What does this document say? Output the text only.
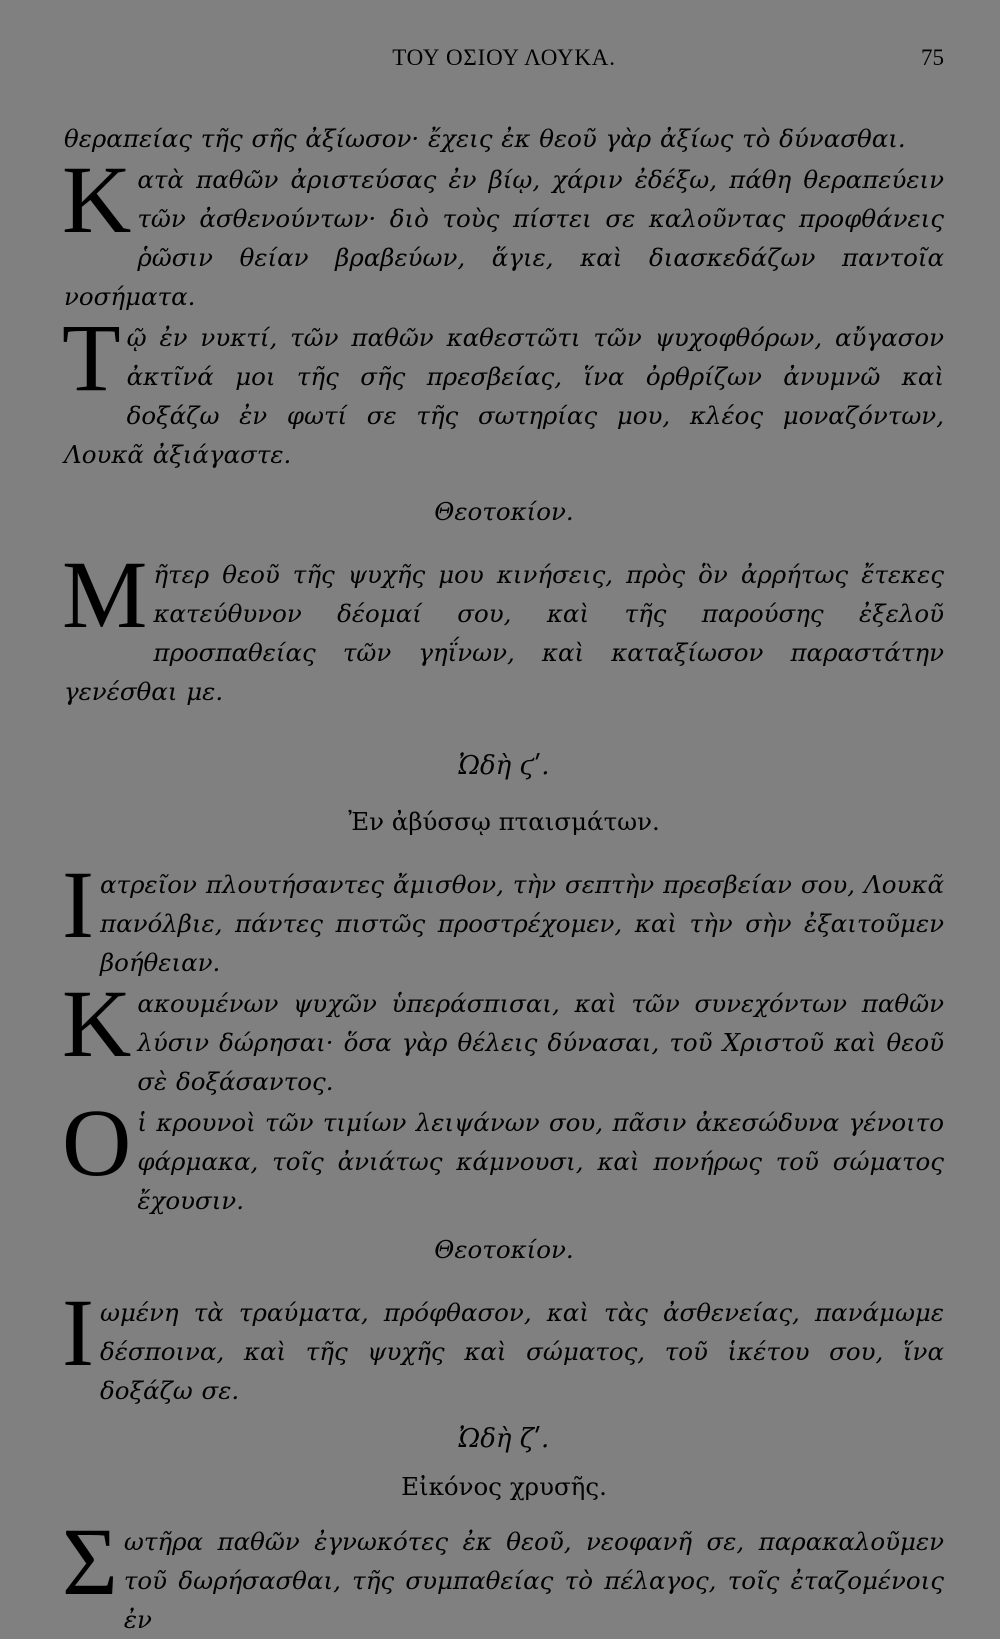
ΤΟΥ ΟΣΙΟΥ ΛΟΥΚΑ.	75

θεραπείας τῆς σῆς ἀξίωσον· ἔχεις ἐκ θεοῦ γὰρ ἀξίως τὸ δύνασθαι.

Κατὰ παθῶν ἀριστεύσας ἐν βίῳ, χάριν ἐδέξω, πάθη θεραπεύειν τῶν ἀσθενούντων· διὸ τοὺς πίστει σε καλοῦντας προφθάνεις ῥῶσιν θείαν βραβεύων, ἅγιε, καὶ διασκεδάζων παντοῖα νοσήματα.

Τῷ ἐν νυκτί, τῶν παθῶν καθεστῶτι τῶν ψυχοφθόρων, αὔγασον ἀκτῖνά μοι τῆς σῆς πρεσβείας, ἵνα ὀρθρίζων ἀνυμνῶ καὶ δοξάζω ἐν φωτί σε τῆς σωτηρίας μου, κλέος μοναζόντων, Λουκᾶ ἀξιάγαστε.

Θεοτοκίον.

Μῆτερ θεοῦ τῆς ψυχῆς μου κινήσεις, πρὸς ὃν ἀρρήτως ἔτεκες κατεύθυνον δέομαί σου, καὶ τῆς παρούσης ἐξελοῦ προσπαθείας τῶν γηΐνων, καὶ καταξίωσον παραστάτην γενέσθαι με.

Ὠδὴ ϛʹ.

Ἐν ἀβύσσῳ πταισμάτων.

Ιατρεῖον πλουτήσαντες ἄμισθον, τὴν σεπτὴν πρεσβείαν σου, Λουκᾶ πανόλβιε, πάντες πιστῶς προστρέχομεν, καὶ τὴν σὴν ἐξαιτοῦμεν βοήθειαν.

Κακουμένων ψυχῶν ὑπεράσπισαι, καὶ τῶν συνεχόντων παθῶν λύσιν δώρησαι· ὅσα γὰρ θέλεις δύνασαι, τοῦ Χριστοῦ καὶ θεοῦ σὲ δοξάσαντος.

Οἱ κρουνοὶ τῶν τιμίων λειψάνων σου, πᾶσιν ἀκεσώδυνα γένοιτο φάρμακα, τοῖς ἀνιάτως κάμνουσι, καὶ πονήρως τοῦ σώματος ἔχουσιν.

Θεοτοκίον.

Ιωμένη τὰ τραύματα, πρόφθασον, καὶ τὰς ἀσθενείας, πανάμωμε δέσποινα, καὶ τῆς ψυχῆς καὶ σώματος, τοῦ ἱκέτου σου, ἵνα δοξάζω σε.

Ὠδὴ ζʹ.

Εἰκόνος χρυσῆς.

Σωτῆρα παθῶν ἐγνωκότες ἐκ θεοῦ, νεοφανῆ σε, παρακαλοῦμεν τοῦ δωρήσασθαι, τῆς συμπαθείας τὸ πέλαγος, τοῖς ἐταζομένοις ἐν
